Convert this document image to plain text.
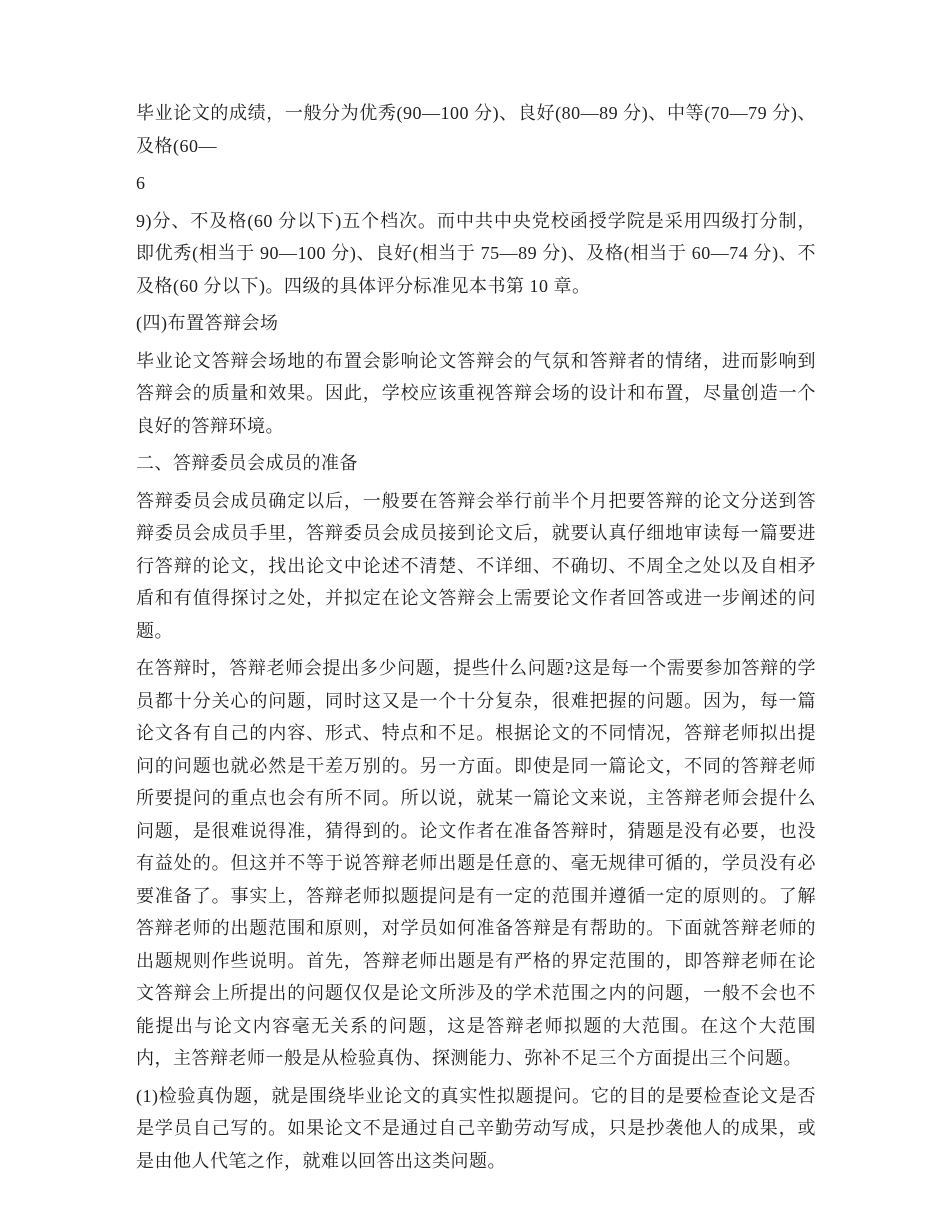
毕业论文的成绩，一般分为优秀(90—100 分)、良好(80—89 分)、中等(70—79 分)、及格(60—

6

9)分、不及格(60 分以下)五个档次。而中共中央党校函授学院是采用四级打分制，即优秀(相当于 90—100 分)、良好(相当于 75—89 分)、及格(相当于 60—74 分)、不及格(60 分以下)。四级的具体评分标准见本书第 10 章。

(四)布置答辩会场

毕业论文答辩会场地的布置会影响论文答辩会的气氛和答辩者的情绪，进而影响到答辩会的质量和效果。因此，学校应该重视答辩会场的设计和布置，尽量创造一个良好的答辩环境。

二、答辩委员会成员的准备

答辩委员会成员确定以后，一般要在答辩会举行前半个月把要答辩的论文分送到答辩委员会成员手里，答辩委员会成员接到论文后，就要认真仔细地审读每一篇要进行答辩的论文，找出论文中论述不清楚、不详细、不确切、不周全之处以及自相矛盾和有值得探讨之处，并拟定在论文答辩会上需要论文作者回答或进一步阐述的问题。

在答辩时，答辩老师会提出多少问题，提些什么问题?这是每一个需要参加答辩的学员都十分关心的问题，同时这又是一个十分复杂，很难把握的问题。因为，每一篇论文各有自己的内容、形式、特点和不足。根据论文的不同情况，答辩老师拟出提问的问题也就必然是干差万别的。另一方面。即使是同一篇论文，不同的答辩老师所要提问的重点也会有所不同。所以说，就某一篇论文来说，主答辩老师会提什么问题，是很难说得准，猜得到的。论文作者在准备答辩时，猜题是没有必要，也没有益处的。但这并不等于说答辩老师出题是任意的、毫无规律可循的，学员没有必要准备了。事实上，答辩老师拟题提问是有一定的范围并遵循一定的原则的。了解答辩老师的出题范围和原则，对学员如何准备答辩是有帮助的。下面就答辩老师的出题规则作些说明。首先，答辩老师出题是有严格的界定范围的，即答辩老师在论文答辩会上所提出的问题仅仅是论文所涉及的学术范围之内的问题，一般不会也不能提出与论文内容毫无关系的问题，这是答辩老师拟题的大范围。在这个大范围内，主答辩老师一般是从检验真伪、探测能力、弥补不足三个方面提出三个问题。

(1)检验真伪题，就是围绕毕业论文的真实性拟题提问。它的目的是要检查论文是否是学员自己写的。如果论文不是通过自己辛勤劳动写成，只是抄袭他人的成果，或是由他人代笔之作，就难以回答出这类问题。
